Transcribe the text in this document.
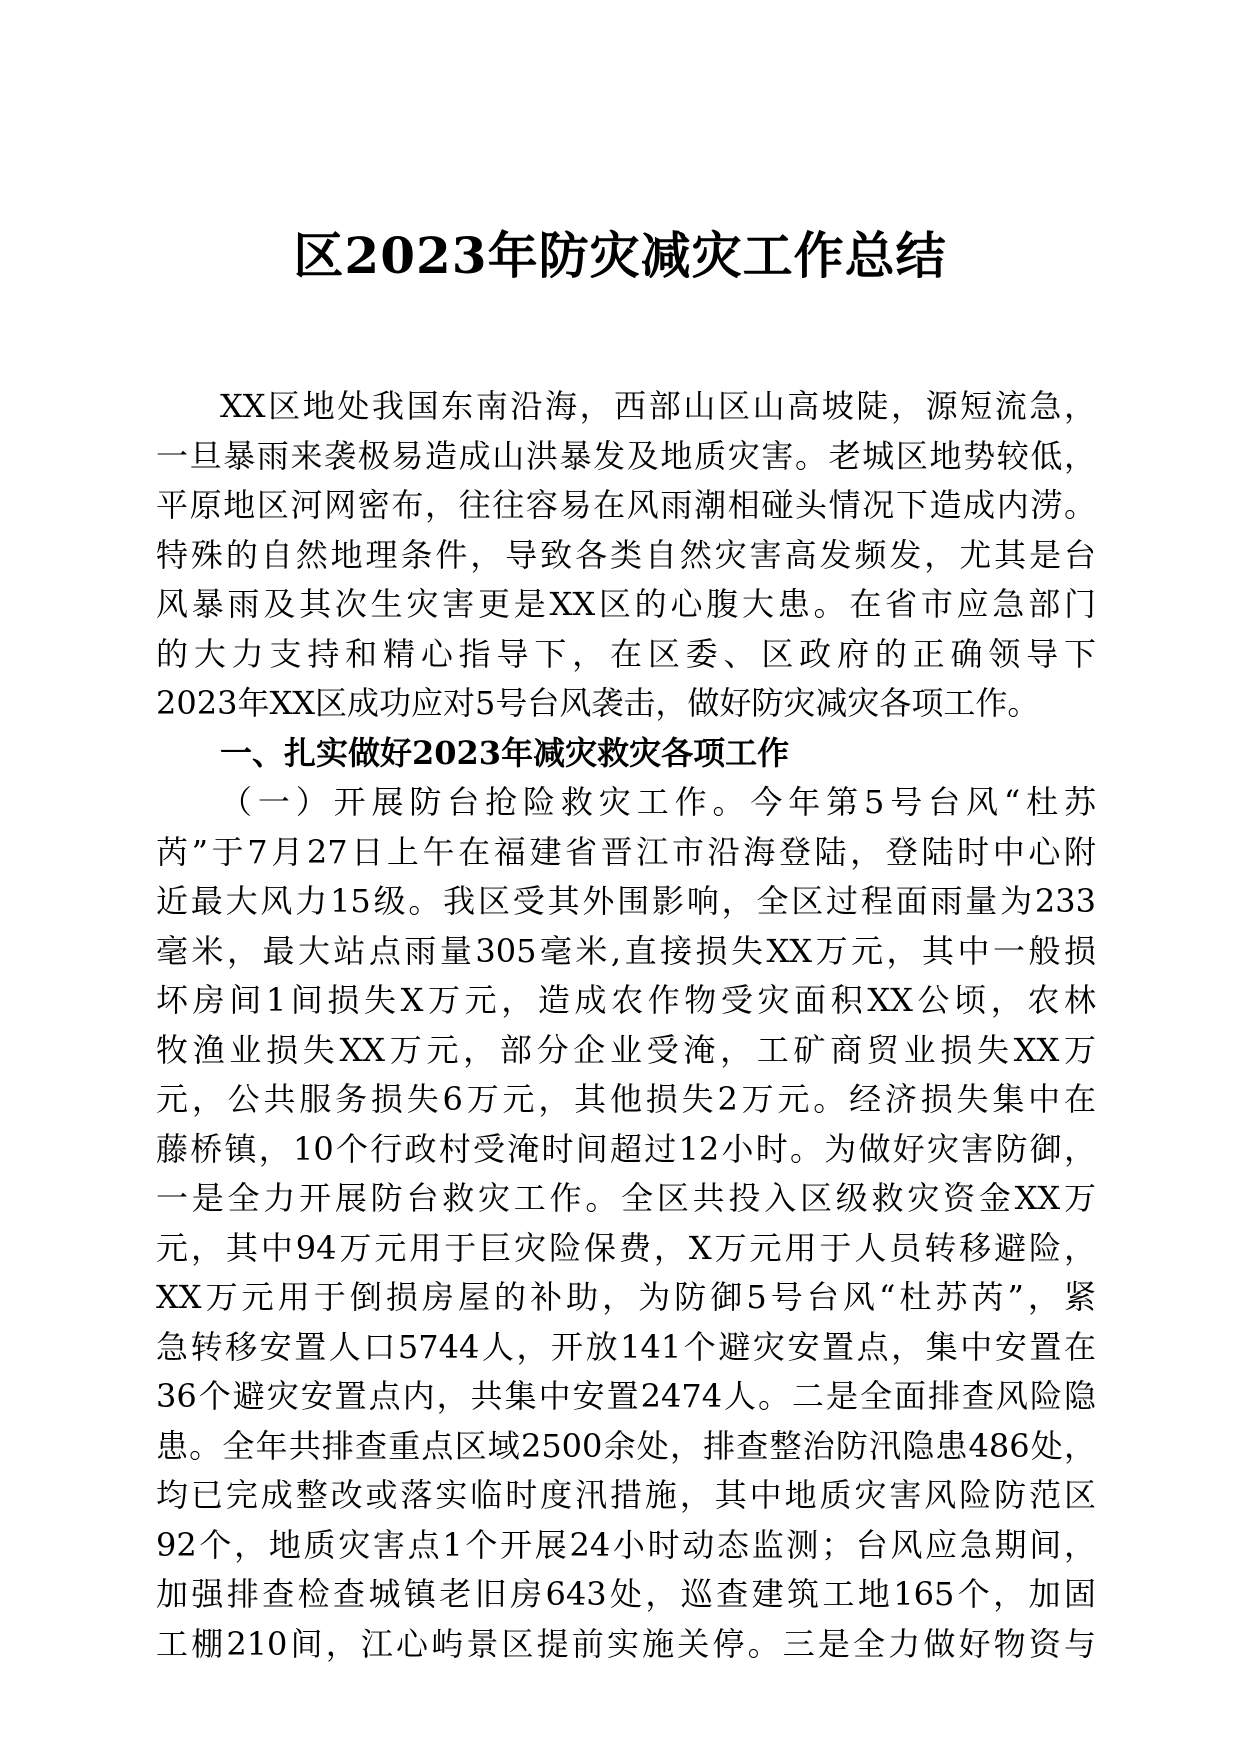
区2023年防灾减灾工作总结
XX区地处我国东南沿海，西部山区山高坡陡，源短流急，
一旦暴雨来袭极易造成山洪暴发及地质灾害。老城区地势较低，
平原地区河网密布，往往容易在风雨潮相碰头情况下造成内涝。
特殊的自然地理条件，导致各类自然灾害高发频发，尤其是台
风暴雨及其次生灾害更是XX区的心腹大患。在省市应急部门
的大力支持和精心指导下，在区委、区政府的正确领导下
2023年XX区成功应对5号台风袭击，做好防灾减灾各项工作。
一、扎实做好2023年减灾救灾各项工作
（一）开展防台抢险救灾工作。今年第5号台风“杜苏
芮”于7月27日上午在福建省晋江市沿海登陆，登陆时中心附
近最大风力15级。我区受其外围影响，全区过程面雨量为233
毫米，最大站点雨量305毫米,直接损失XX万元，其中一般损
坏房间1间损失X万元，造成农作物受灾面积XX公顷，农林
牧渔业损失XX万元，部分企业受淹，工矿商贸业损失XX万
元，公共服务损失6万元，其他损失2万元。经济损失集中在
藤桥镇，10个行政村受淹时间超过12小时。为做好灾害防御，
一是全力开展防台救灾工作。全区共投入区级救灾资金XX万
元，其中94万元用于巨灾险保费，X万元用于人员转移避险，
XX万元用于倒损房屋的补助，为防御5号台风“杜苏芮”，紧
急转移安置人口5744人，开放141个避灾安置点，集中安置在
36个避灾安置点内，共集中安置2474人。二是全面排查风险隐
患。全年共排查重点区域2500余处，排查整治防汛隐患486处，
均已完成整改或落实临时度汛措施，其中地质灾害风险防范区
92个，地质灾害点1个开展24小时动态监测；台风应急期间，
加强排查检查城镇老旧房643处，巡查建筑工地165个，加固
工棚210间，江心屿景区提前实施关停。三是全力做好物资与
